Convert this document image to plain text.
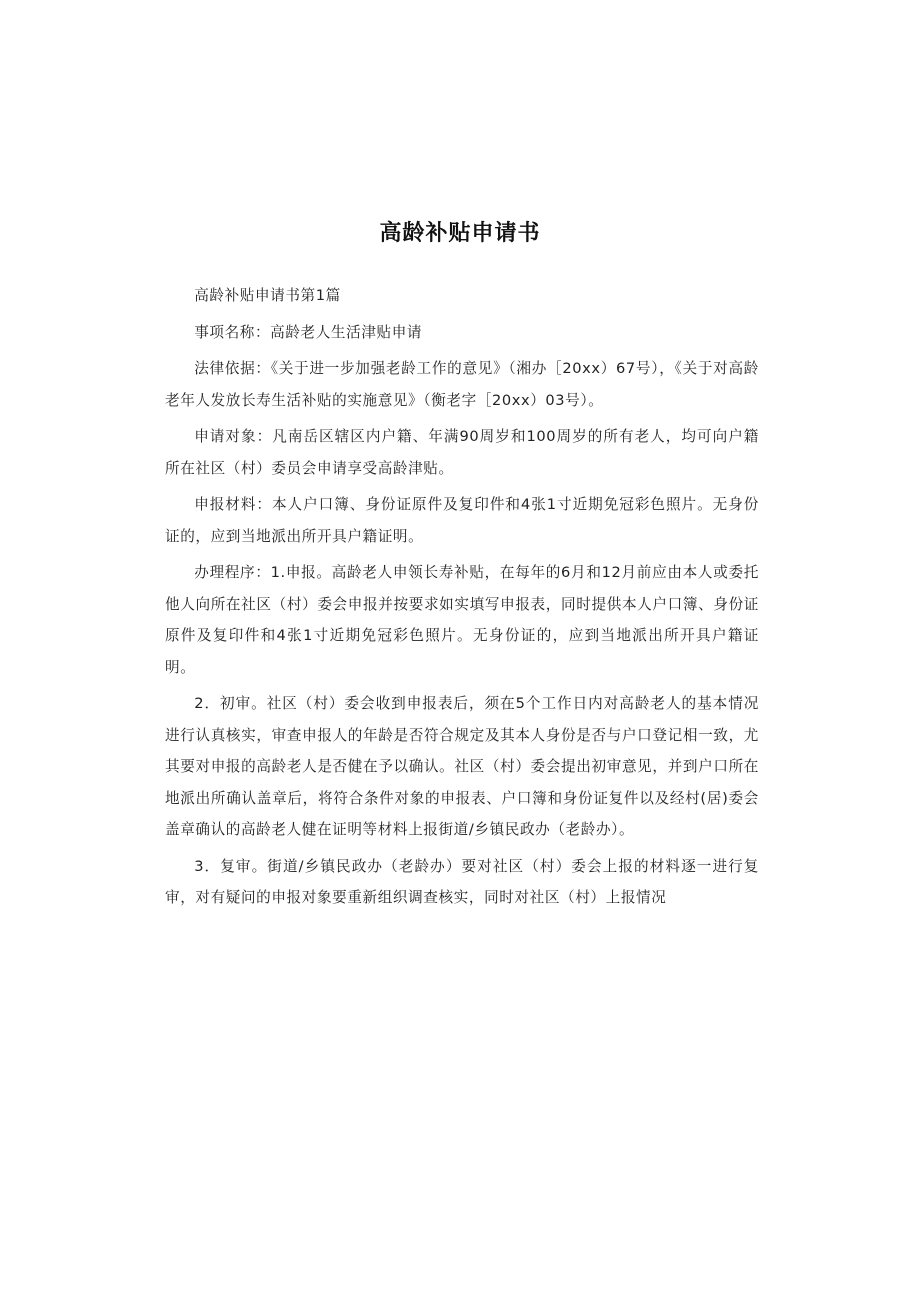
高龄补贴申请书

高龄补贴申请书第1篇

事项名称：高龄老人生活津贴申请

法律依据：《关于进一步加强老龄工作的意见》（湘办［20xx）67号），《关于对高龄老年人发放长寿生活补贴的实施意见》（衡老字［20xx）03号）。

申请对象：凡南岳区辖区内户籍、年满90周岁和100周岁的所有老人，均可向户籍所在社区（村）委员会申请享受高龄津贴。

申报材料：本人户口簿、身份证原件及复印件和4张1寸近期免冠彩色照片。无身份证的，应到当地派出所开具户籍证明。

办理程序：1.申报。高龄老人申领长寿补贴，在每年的6月和12月前应由本人或委托他人向所在社区（村）委会申报并按要求如实填写申报表，同时提供本人户口簿、身份证原件及复印件和4张1寸近期免冠彩色照片。无身份证的，应到当地派出所开具户籍证明。

2．初审。社区（村）委会收到申报表后，须在5个工作日内对高龄老人的基本情况进行认真核实，审查申报人的年龄是否符合规定及其本人身份是否与户口登记相一致，尤其要对申报的高龄老人是否健在予以确认。社区（村）委会提出初审意见，并到户口所在地派出所确认盖章后，将符合条件对象的申报表、户口簿和身份证复件以及经村(居)委会盖章确认的高龄老人健在证明等材料上报街道/乡镇民政办（老龄办）。

3．复审。街道/乡镇民政办（老龄办）要对社区（村）委会上报的材料逐一进行复审，对有疑问的申报对象要重新组织调查核实，同时对社区（村）上报情况
